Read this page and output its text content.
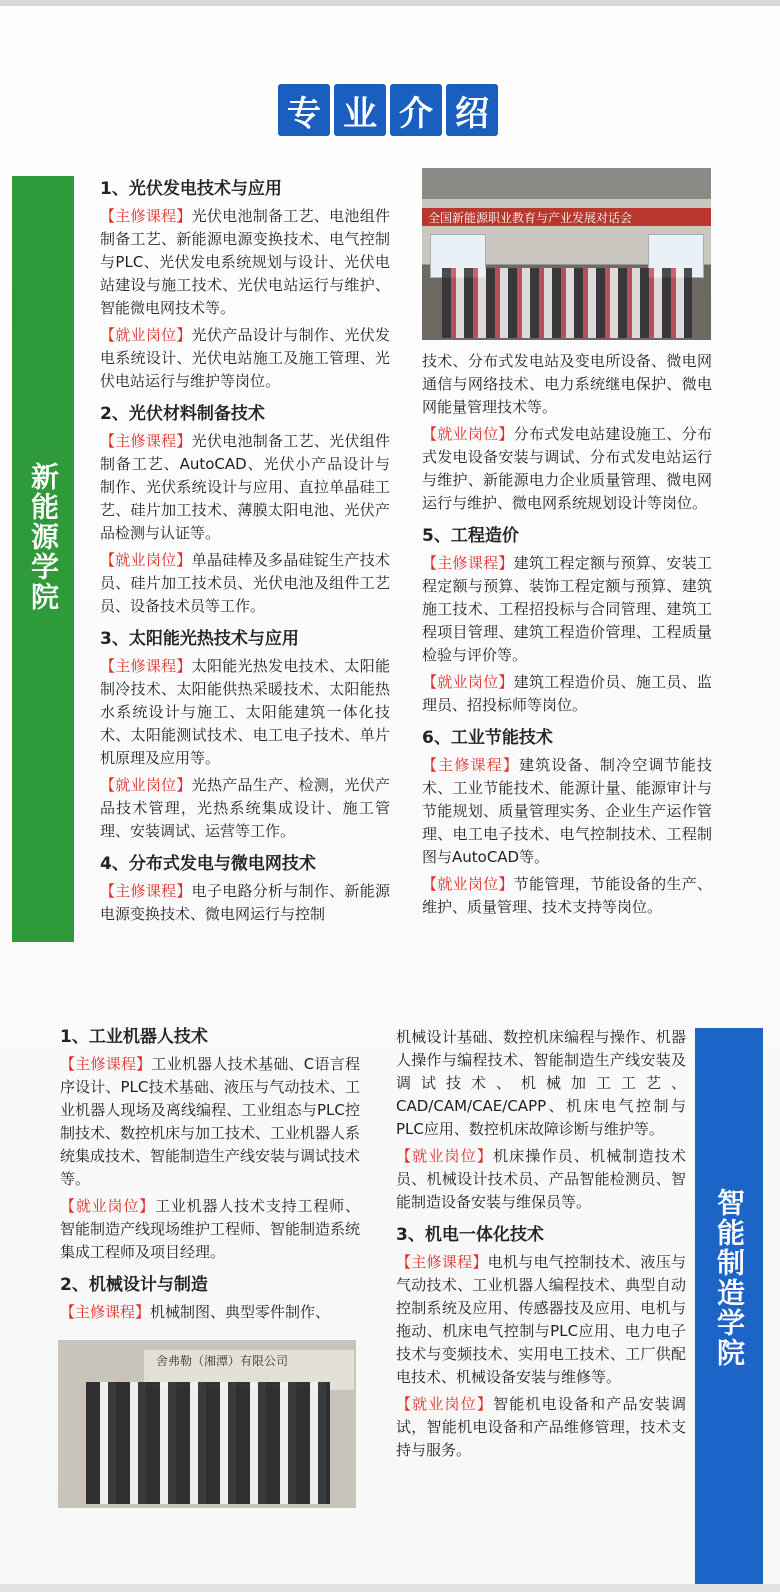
专 业 介 绍
新能源学院
1、光伏发电技术与应用

【主修课程】光伏电池制备工艺、电池组件制备工艺、新能源电源变换技术、电气控制与PLC、光伏发电系统规划与设计、光伏电站建设与施工技术、光伏电站运行与维护、智能微电网技术等。

【就业岗位】光伏产品设计与制作、光伏发电系统设计、光伏电站施工及施工管理、光伏电站运行与维护等岗位。

2、光伏材料制备技术

【主修课程】光伏电池制备工艺、光伏组件制备工艺、AutoCAD、光伏小产品设计与制作、光伏系统设计与应用、直拉单晶硅工艺、硅片加工技术、薄膜太阳电池、光伏产品检测与认证等。

【就业岗位】单晶硅棒及多晶硅锭生产技术员、硅片加工技术员、光伏电池及组件工艺员、设备技术员等工作。

3、太阳能光热技术与应用

【主修课程】太阳能光热发电技术、太阳能制冷技术、太阳能供热采暖技术、太阳能热水系统设计与施工、太阳能建筑一体化技术、太阳能测试技术、电工电子技术、单片机原理及应用等。

【就业岗位】光热产品生产、检测，光伏产品技术管理，光热系统集成设计、施工管理、安装调试、运营等工作。

4、分布式发电与微电网技术

【主修课程】电子电路分析与制作、新能源电源变换技术、微电网运行与控制

全国新能源职业教育与产业发展对话会

技术、分布式发电站及变电所设备、微电网通信与网络技术、电力系统继电保护、微电网能量管理技术等。

【就业岗位】分布式发电站建设施工、分布式发电设备安装与调试、分布式发电站运行与维护、新能源电力企业质量管理、微电网运行与维护、微电网系统规划设计等岗位。

5、工程造价

【主修课程】建筑工程定额与预算、安装工程定额与预算、装饰工程定额与预算、建筑施工技术、工程招投标与合同管理、建筑工程项目管理、建筑工程造价管理、工程质量检验与评价等。

【就业岗位】建筑工程造价员、施工员、监理员、招投标师等岗位。

6、工业节能技术

【主修课程】建筑设备、制冷空调节能技术、工业节能技术、能源计量、能源审计与节能规划、质量管理实务、企业生产运作管理、电工电子技术、电气控制技术、工程制图与AutoCAD等。

【就业岗位】节能管理，节能设备的生产、维护、质量管理、技术支持等岗位。

1、工业机器人技术

【主修课程】工业机器人技术基础、C语言程序设计、PLC技术基础、液压与气动技术、工业机器人现场及离线编程、工业组态与PLC控制技术、数控机床与加工技术、工业机器人系统集成技术、智能制造生产线安装与调试技术等。

【就业岗位】工业机器人技术支持工程师、智能制造产线现场维护工程师、智能制造系统集成工程师及项目经理。

2、机械设计与制造

【主修课程】机械制图、典型零件制作、

舍弗勒（湘潭）有限公司

机械设计基础、数控机床编程与操作、机器人操作与编程技术、智能制造生产线安装及调试技术、机械加工工艺、CAD/CAM/CAE/CAPP、机床电气控制与PLC应用、数控机床故障诊断与维护等。

【就业岗位】机床操作员、机械制造技术员、机械设计技术员、产品智能检测员、智能制造设备安装与维保员等。

3、机电一体化技术

【主修课程】电机与电气控制技术、液压与气动技术、工业机器人编程技术、典型自动控制系统及应用、传感器技及应用、电机与拖动、机床电气控制与PLC应用、电力电子技术与变频技术、实用电工技术、工厂供配电技术、机械设备安装与维修等。

【就业岗位】智能机电设备和产品安装调试，智能机电设备和产品维修管理，技术支持与服务。

智能制造学院
